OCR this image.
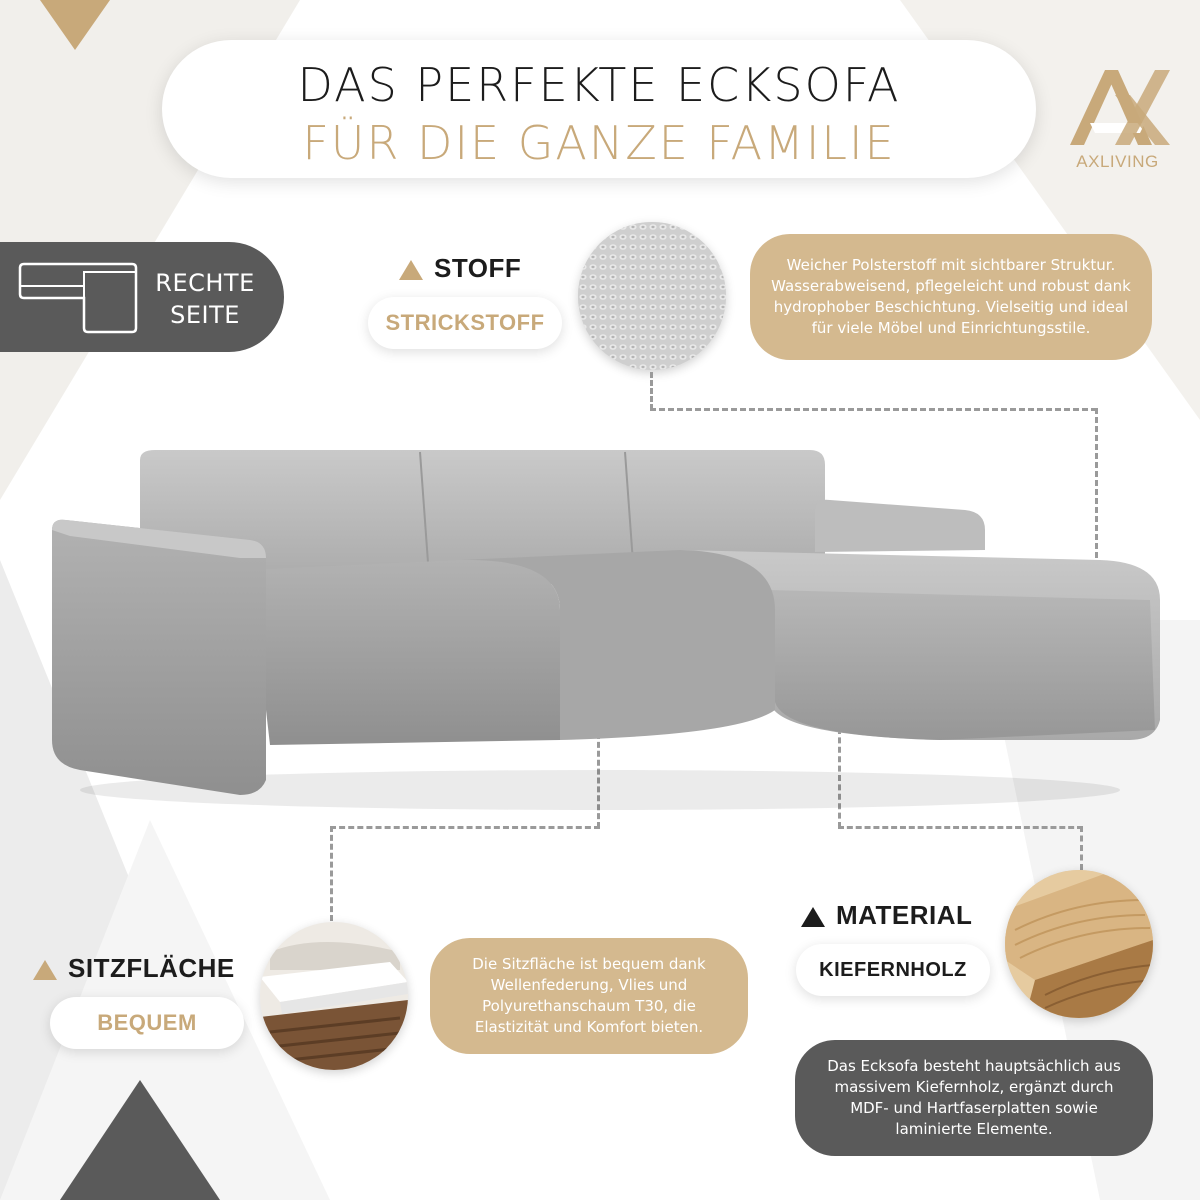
DAS PERFEKTE ECKSOFA
FÜR DIE GANZE FAMILIE	AXLIVING
RECHTE
SEITE
STOFF
STRICKSTOFF
Weicher Polsterstoff mit sichtbarer Struktur. Wasserabweisend, pflegeleicht und robust dank hydrophober Beschichtung. Vielseitig und ideal für viele Möbel und Einrichtungsstile.
SITZFLÄCHE
BEQUEM
Die Sitzfläche ist bequem dank Wellenfederung, Vlies und Polyurethanschaum T30, die Elastizität und Komfort bieten.
MATERIAL
KIEFERNHOLZ
Das Ecksofa besteht hauptsächlich aus massivem Kiefernholz, ergänzt durch MDF- und Hartfaserplatten sowie laminierte Elemente.
